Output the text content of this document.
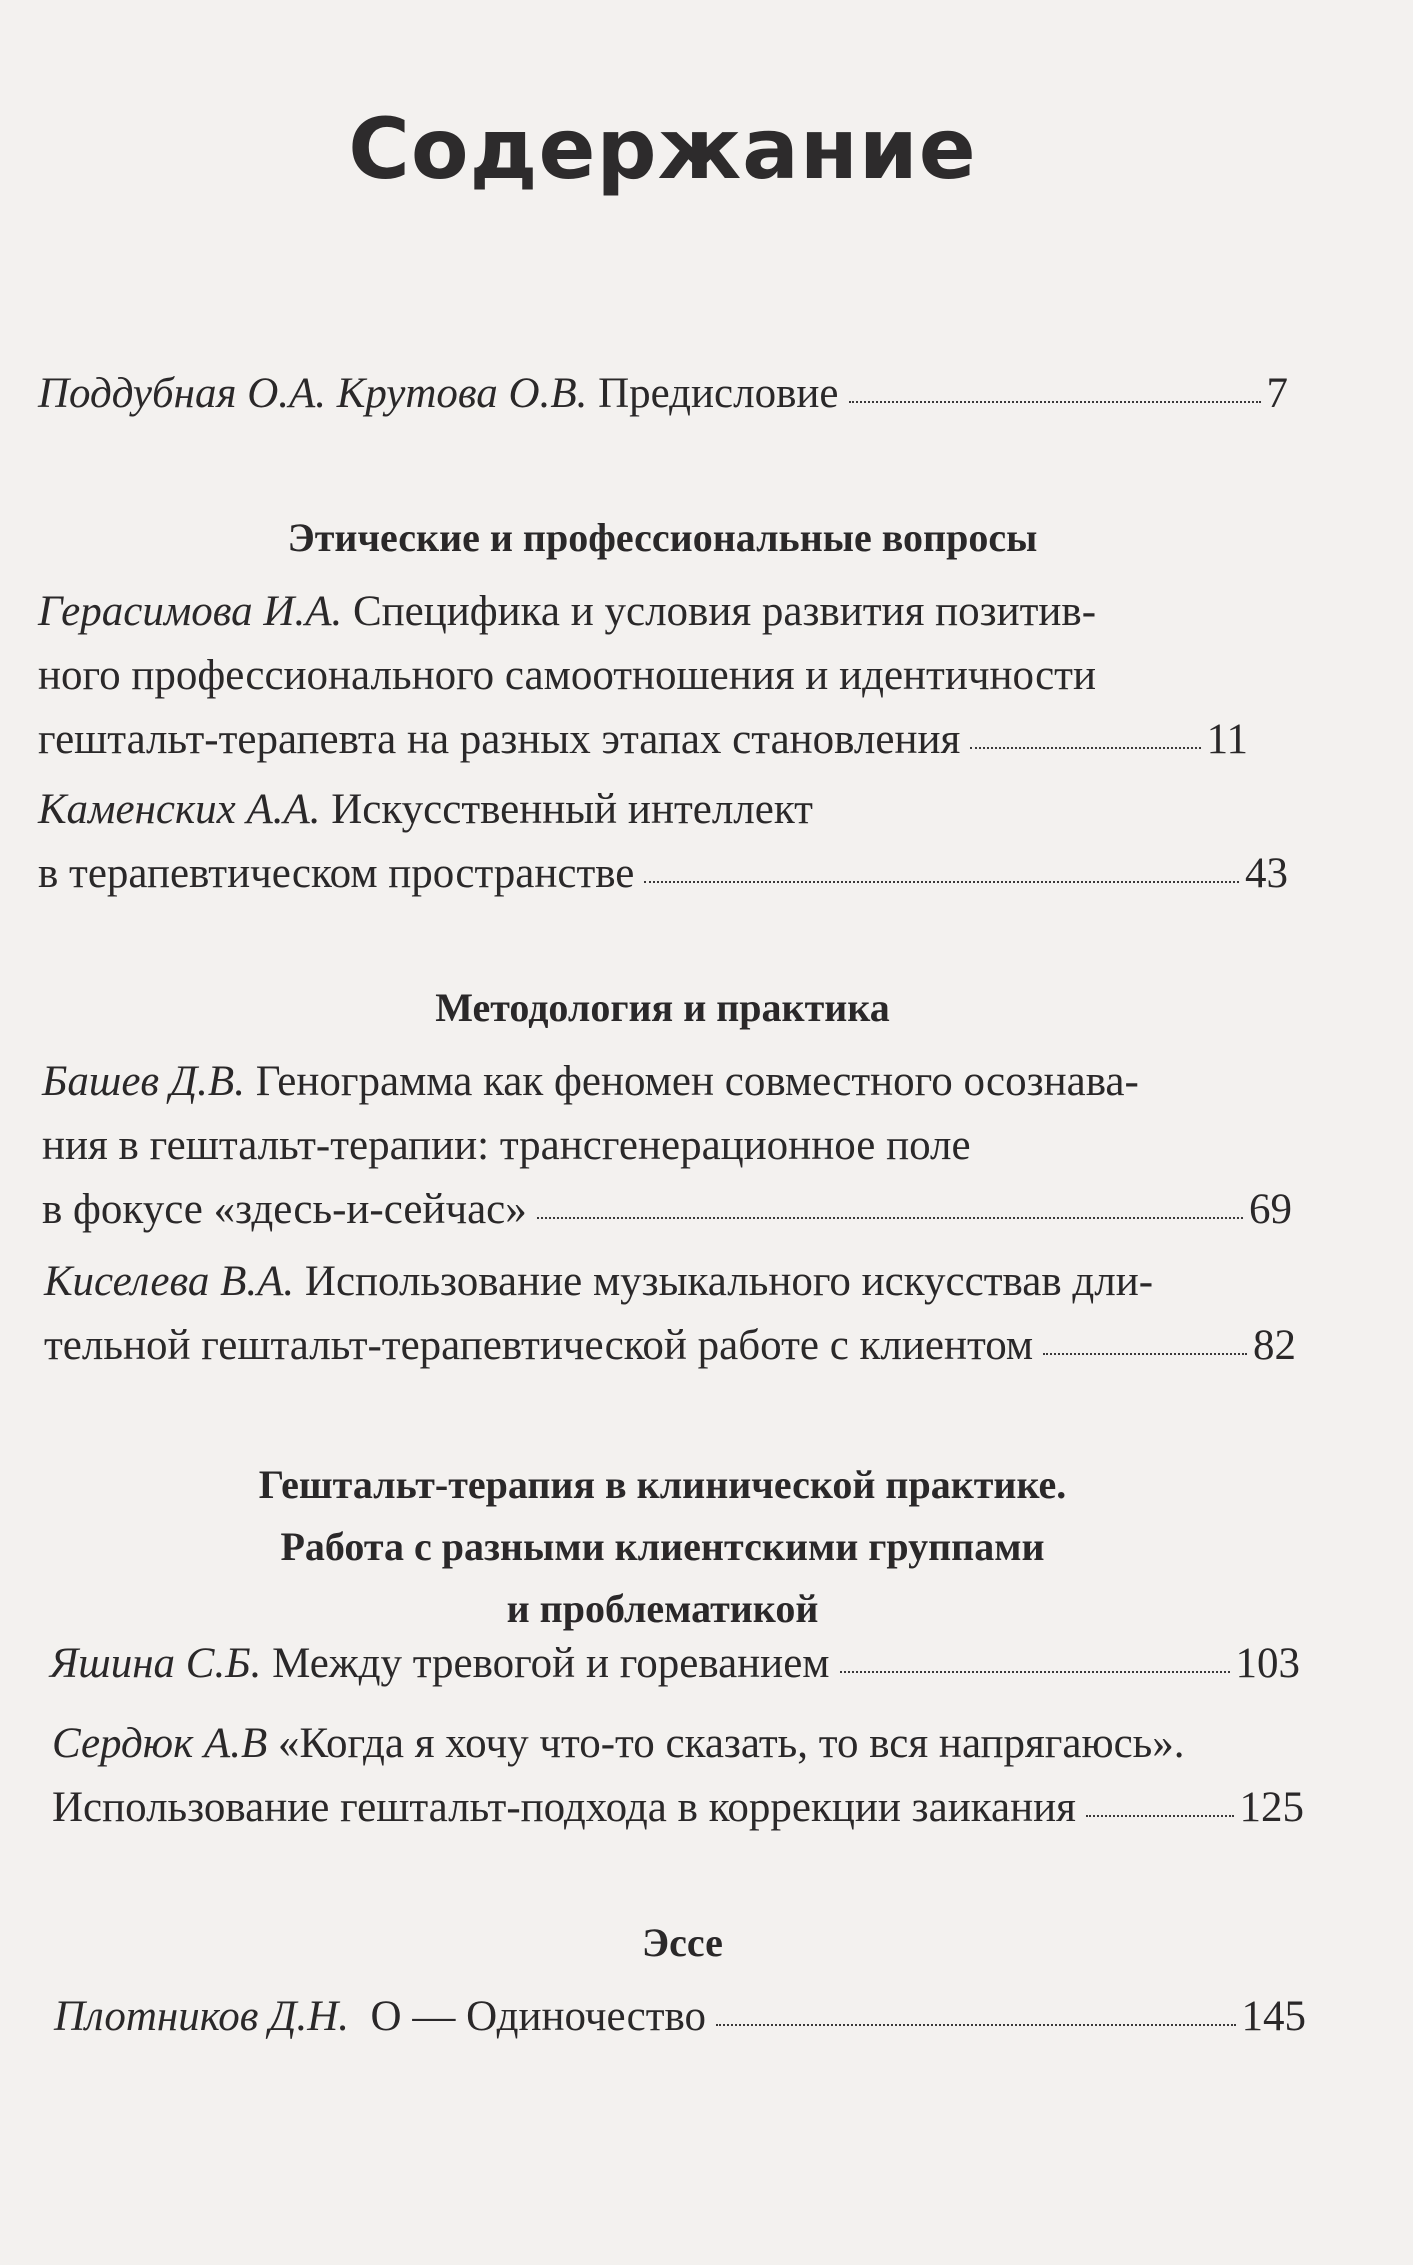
Содержание
Поддубная О.А. Крутова О.В.
Предисловие	7
Этические и профессиональные вопросы
Герасимова И.А.
Специфика и условия развития позитив-
ного профессионального самоотношения и идентичности
гештальт-терапевта на разных этапах становления	11
Каменских А.А.
Искусственный интеллект
в терапевтическом пространстве	43
Методология и практика
Башев Д.В.
Генограмма как феномен совместного осознава-
ния в гештальт-терапии: трансгенерационное поле
в фокусе «здесь-и-сейчас»	69
Киселева В.А.
Использование музыкального искусствав дли-
тельной гештальт-терапевтической работе с клиентом	82
Гештальт-терапия в клинической практике.
Работа с разными клиентскими группами
и проблематикой
Яшина С.Б.
Между тревогой и гореванием	103
Сердюк А.В
«Когда я хочу что-то сказать, то вся напрягаюсь».
Использование гештальт-подхода в коррекции заикания	125
Эссе
Плотников Д.Н.
О — Одиночество	145
